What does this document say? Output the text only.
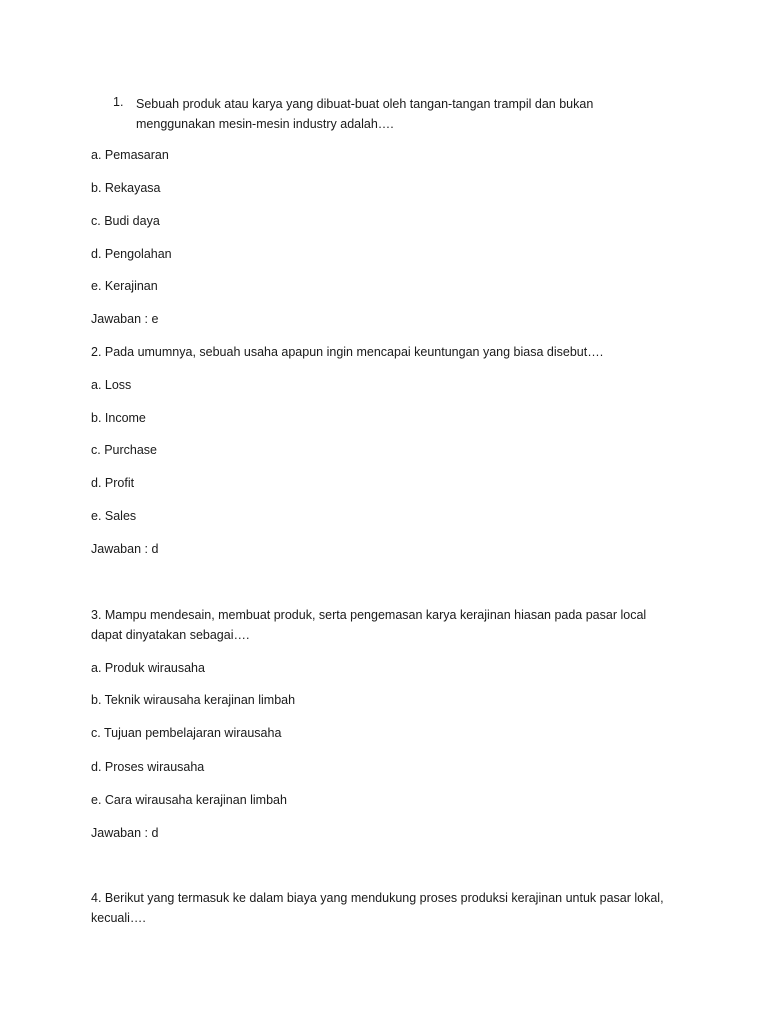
1. Sebuah produk atau karya yang dibuat-buat oleh tangan-tangan trampil dan bukan
menggunakan mesin-mesin industry adalah….
a. Pemasaran
b. Rekayasa
c. Budi daya
d. Pengolahan
e. Kerajinan
Jawaban : e
2. Pada umumnya, sebuah usaha apapun ingin mencapai keuntungan yang biasa disebut….
a. Loss
b. Income
c. Purchase
d. Profit
e. Sales
Jawaban : d
3. Mampu mendesain, membuat produk, serta pengemasan karya kerajinan hiasan pada pasar local
dapat dinyatakan sebagai….
a. Produk wirausaha
b. Teknik wirausaha kerajinan limbah
c. Tujuan pembelajaran wirausaha
d. Proses wirausaha
e. Cara wirausaha kerajinan limbah
Jawaban : d
4. Berikut yang termasuk ke dalam biaya yang mendukung proses produksi kerajinan untuk pasar lokal,
kecuali….
